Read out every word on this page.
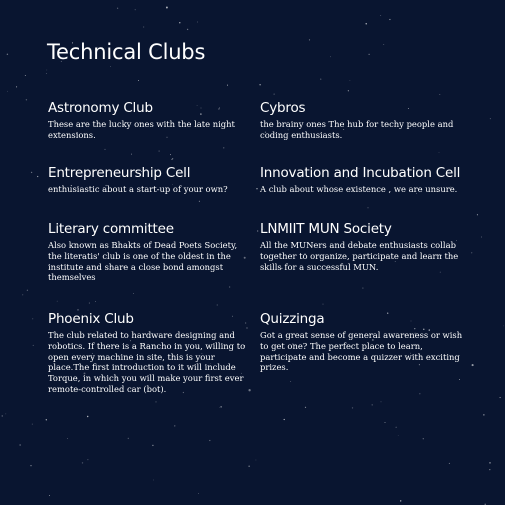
Technical Clubs
Astronomy Club

These are the lucky ones with the late night extensions.

Cybros

the brainy ones The hub for techy people and coding enthusiasts.

Entrepreneurship Cell

enthusiastic about a start-up of your own?

Innovation and Incubation Cell

A club about whose existence , we are unsure.

Literary committee

Also known as Bhakts of Dead Poets Society, the literatis' club is one of the oldest in the institute and share a close bond amongst themselves

LNMIIT MUN Society

All the MUNers and debate enthusiasts collab together to organize, participate and learn the skills for a successful MUN.

Phoenix Club

The club related to hardware designing and robotics. If there is a Rancho in you, willing to open every machine in site, this is your place.The first introduction to it will include Torque, in which you will make your first ever remote-controlled car (bot).

Quizzinga

Got a great sense of general awareness or wish to get one? The perfect place to learn, participate and become a quizzer with exciting prizes.
